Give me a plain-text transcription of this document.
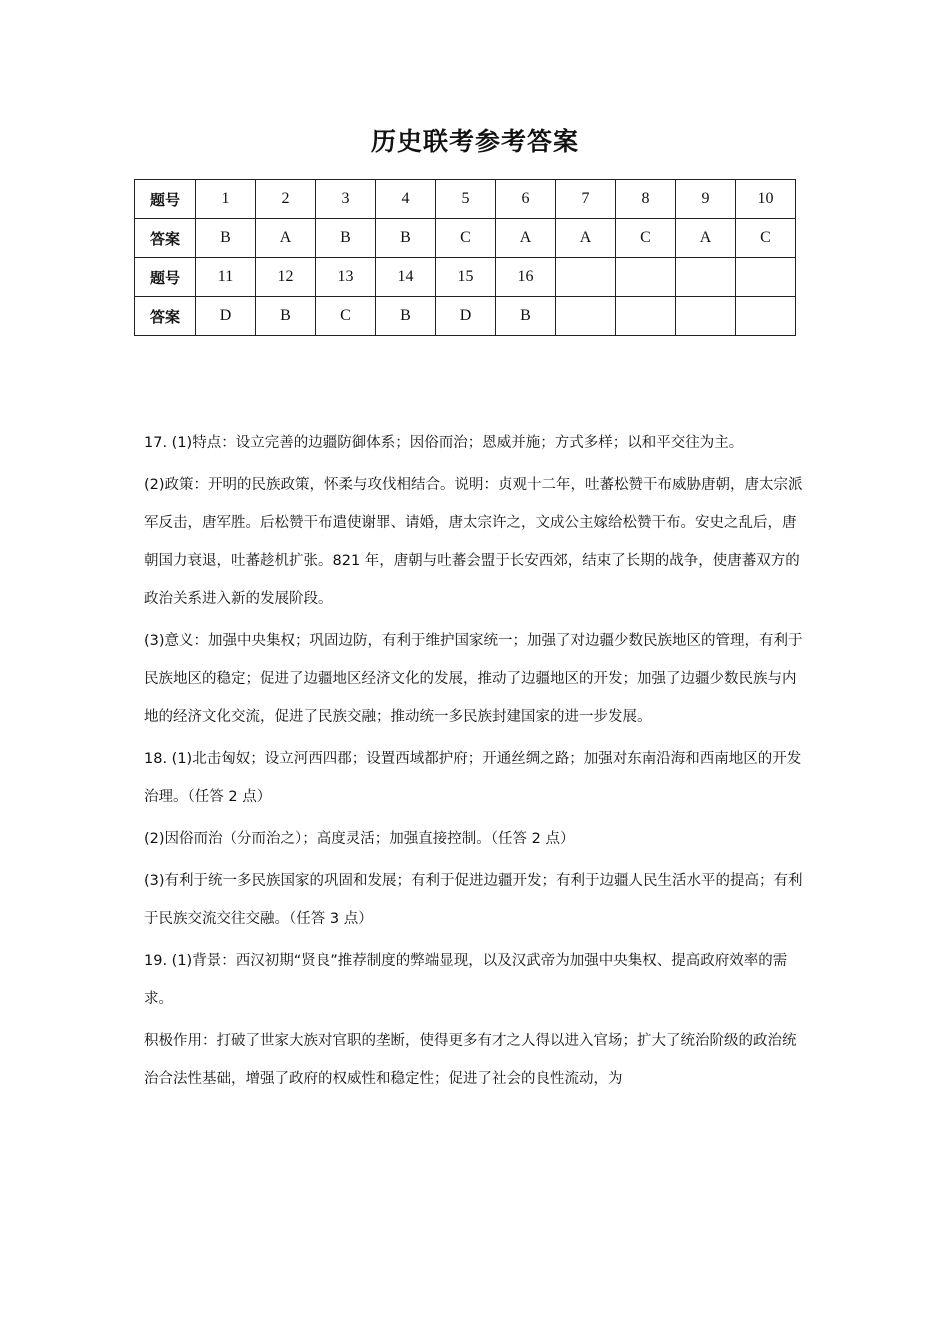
历史联考参考答案
题号	1	2	3	4	5	6	7	8	9	10
答案	B	A	B	B	C	A	A	C	A	C
题号	11	12	13	14	15	16				
答案	D	B	C	B	D	B				

17. (1)特点：设立完善的边疆防御体系；因俗而治；恩威并施；方式多样；以和平交往为主。

(2)政策：开明的民族政策，怀柔与攻伐相结合。说明：贞观十二年，吐蕃松赞干布威胁唐朝，唐太宗派军反击，唐军胜。后松赞干布遣使谢罪、请婚，唐太宗许之，文成公主嫁给松赞干布。安史之乱后，唐朝国力衰退，吐蕃趁机扩张。821 年，唐朝与吐蕃会盟于长安西郊，结束了长期的战争，使唐蕃双方的政治关系进入新的发展阶段。

(3)意义：加强中央集权；巩固边防，有利于维护国家统一；加强了对边疆少数民族地区的管理，有利于民族地区的稳定；促进了边疆地区经济文化的发展，推动了边疆地区的开发；加强了边疆少数民族与内地的经济文化交流，促进了民族交融；推动统一多民族封建国家的进一步发展。

18. (1)北击匈奴；设立河西四郡；设置西域都护府；开通丝绸之路；加强对东南沿海和西南地区的开发治理。（任答 2 点）

(2)因俗而治（分而治之）；高度灵活；加强直接控制。（任答 2 点）

(3)有利于统一多民族国家的巩固和发展；有利于促进边疆开发；有利于边疆人民生活水平的提高；有利于民族交流交往交融。（任答 3 点）

19. (1)背景：西汉初期“贤良”推荐制度的弊端显现，以及汉武帝为加强中央集权、提高政府效率的需求。

积极作用：打破了世家大族对官职的垄断，使得更多有才之人得以进入官场；扩大了统治阶级的政治统治合法性基础，增强了政府的权威性和稳定性；促进了社会的良性流动，为
